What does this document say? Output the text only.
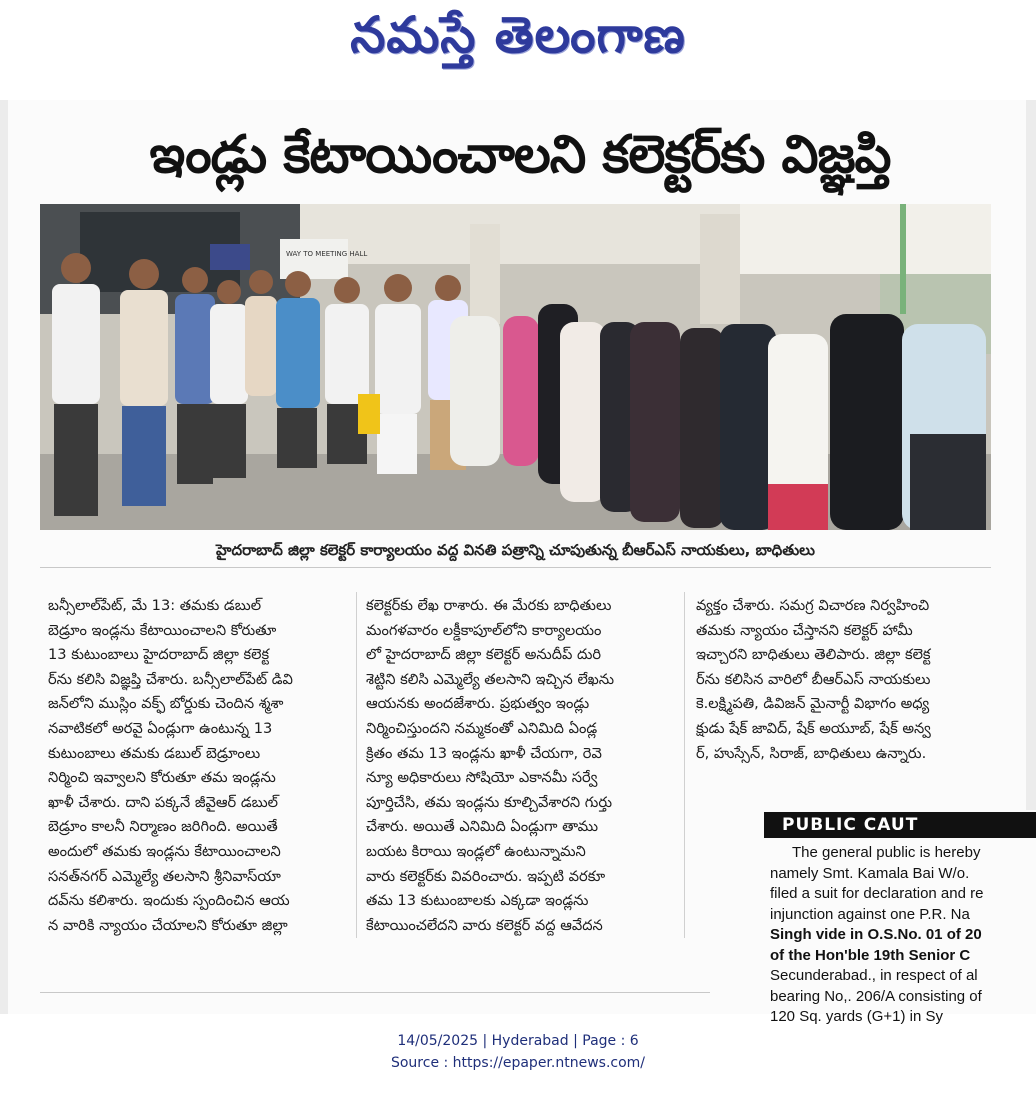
నమస్తే తెలంగాణ
ఇండ్లు కేటాయించాలని కలెక్టర్‌కు విజ్ఞప్తి
WAY TO MEETING HALL
హైదరాబాద్ జిల్లా కలెక్టర్ కార్యాలయం వద్ద వినతి పత్రాన్ని చూపుతున్న బీఆర్ఎస్ నాయకులు, బాధితులు

బన్సీలాల్‌పేట్, మే 13: తమకు డబుల్

బెడ్రూం ఇండ్లను కేటాయించాలని కోరుతూ

13 కుటుంబాలు హైదరాబాద్ జిల్లా కలెక్ట

ర్‌ను కలిసి విజ్ఞప్తి చేశారు. బన్సీలాల్‌పేట్ డివి

జన్‌లోని ముస్లిం వక్ఫ్ బోర్డుకు చెందిన శ్మశా

నవాటికలో అరవై ఏండ్లుగా ఉంటున్న 13

కుటుంబాలు తమకు డబుల్ బెడ్రూంలు

నిర్మించి ఇవ్వాలని కోరుతూ తమ ఇండ్లను

ఖాళీ చేశారు. దాని పక్కనే జీవైఆర్ డబుల్

బెడ్రూం కాలనీ నిర్మాణం జరిగింది. అయితే

అందులో తమకు ఇండ్లను కేటాయించాలని

సనత్‌నగర్ ఎమ్మెల్యే తలసాని శ్రీనివాస్‌యా

దవ్‌ను కలిశారు. ఇందుకు స్పందించిన ఆయ

న వారికి న్యాయం చేయాలని కోరుతూ జిల్లా

కలెక్టర్‌కు లేఖ రాశారు. ఈ మేరకు బాధితులు

మంగళవారం లక్డీకాపూల్‌లోని కార్యాలయం

లో హైదరాబాద్ జిల్లా కలెక్టర్ అనుదీప్ దురి

శెట్టిని కలిసి ఎమ్మెల్యే తలసాని ఇచ్చిన లేఖను

ఆయనకు అందజేశారు. ప్రభుత్వం ఇండ్లు

నిర్మించిస్తుందని నమ్మకంతో ఎనిమిది ఏండ్ల

క్రితం తమ 13 ఇండ్లను ఖాళీ చేయగా, రెవె

న్యూ అధికారులు సోషియో ఎకానమీ సర్వే

పూర్తిచేసి, తమ ఇండ్లను కూల్చివేశారని గుర్తు

చేశారు. అయితే ఎనిమిది ఏండ్లుగా తాము

బయట కిరాయి ఇండ్లలో ఉంటున్నామని

వారు కలెక్టర్‌కు వివరించారు. ఇప్పటి వరకూ

తమ 13 కుటుంబాలకు ఎక్కడా ఇండ్లను

కేటాయించలేదని వారు కలెక్టర్ వద్ద ఆవేదన

వ్యక్తం చేశారు. సమగ్ర విచారణ నిర్వహించి

తమకు న్యాయం చేస్తానని కలెక్టర్ హామీ

ఇచ్చారని బాధితులు తెలిపారు. జిల్లా కలెక్ట

ర్‌ను కలిసిన వారిలో బీఆర్ఎస్ నాయకులు

కె.లక్ష్మిపతి, డివిజన్ మైనార్టీ విభాగం అధ్య

క్షుడు షేక్ జావిద్, షేక్ అయూబ్, షేక్ అన్వ

ర్, హుస్సేన్, సిరాజ్, బాధితులు ఉన్నారు.

PUBLIC CAUT

The general public is hereby

namely Smt. Kamala Bai W/o.

filed a suit for declaration and re

injunction against one P.R. Na

Singh vide in O.S.No. 01 of 20

of the Hon'ble 19th Senior C

Secunderabad., in respect of al

bearing No,. 206/A consisting of

120 Sq. yards (G+1) in Sy

14/05/2025 | Hyderabad | Page : 6
Source : https://epaper.ntnews.com/
